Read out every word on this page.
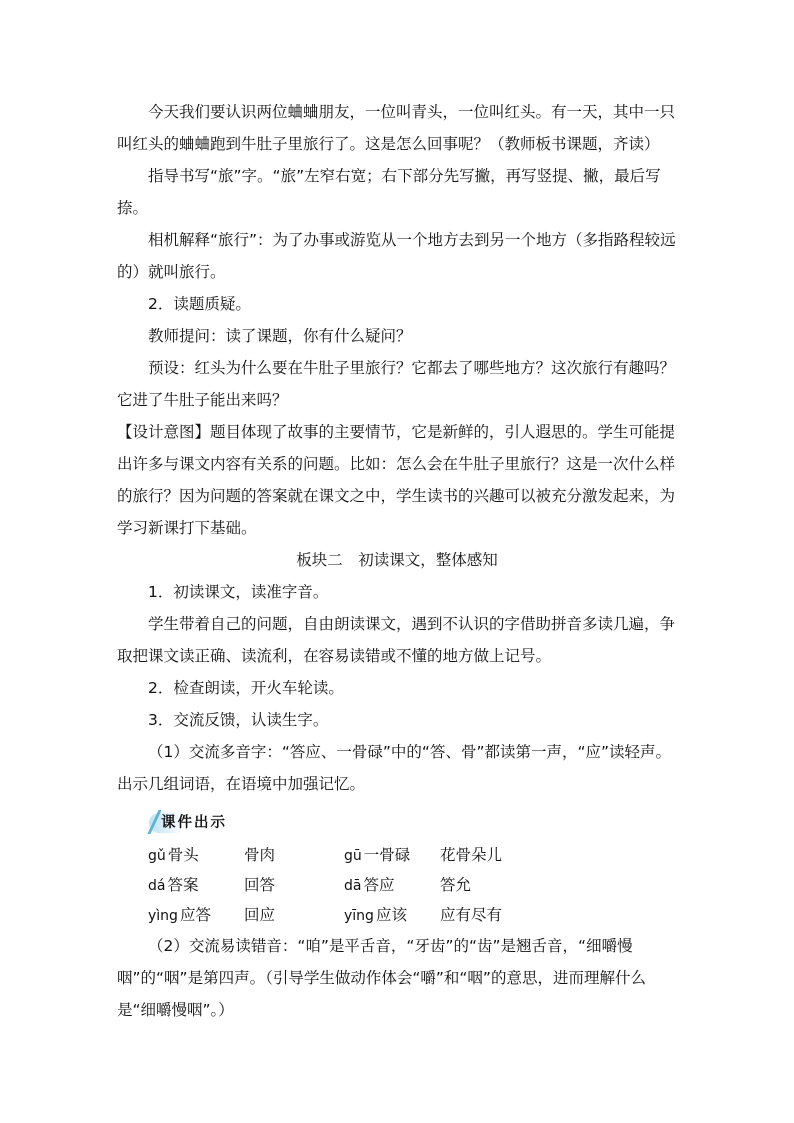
今天我们要认识两位蛐蛐朋友，一位叫青头，一位叫红头。有一天，其中一只叫红头的蛐蛐跑到牛肚子里旅行了。这是怎么回事呢？（教师板书课题，齐读）

指导书写“旅”字。“旅”左窄右宽；右下部分先写撇，再写竖提、撇，最后写捺。

相机解释“旅行”：为了办事或游览从一个地方去到另一个地方（多指路程较远的）就叫旅行。

2．读题质疑。

教师提问：读了课题，你有什么疑问？

预设：红头为什么要在牛肚子里旅行？它都去了哪些地方？这次旅行有趣吗？它进了牛肚子能出来吗？

【设计意图】题目体现了故事的主要情节，它是新鲜的，引人遐思的。学生可能提出许多与课文内容有关系的问题。比如：怎么会在牛肚子里旅行？这是一次什么样的旅行？因为问题的答案就在课文之中，学生读书的兴趣可以被充分激发起来，为学习新课打下基础。

板块二　初读课文，整体感知

1．初读课文，读准字音。

学生带着自己的问题，自由朗读课文，遇到不认识的字借助拼音多读几遍，争取把课文读正确、读流利，在容易读错或不懂的地方做上记号。

2．检查朗读，开火车轮读。

3．交流反馈，认读生字。

（1）交流多音字：“答应、一骨碌”中的“答、骨”都读第一声，“应”读轻声。出示几组词语，在语境中加强记忆。

课件出示
gǔ 骨头	骨肉	gū 一骨碌	花骨朵儿
dá 答案	回答	dā 答应	答允
yìng 应答	回应	yīng 应该	应有尽有

（2）交流易读错音：“咱”是平舌音，“牙齿”的“齿”是翘舌音，“细嚼慢咽”的“咽”是第四声。（引导学生做动作体会“嚼”和“咽”的意思，进而理解什么是“细嚼慢咽”。）
